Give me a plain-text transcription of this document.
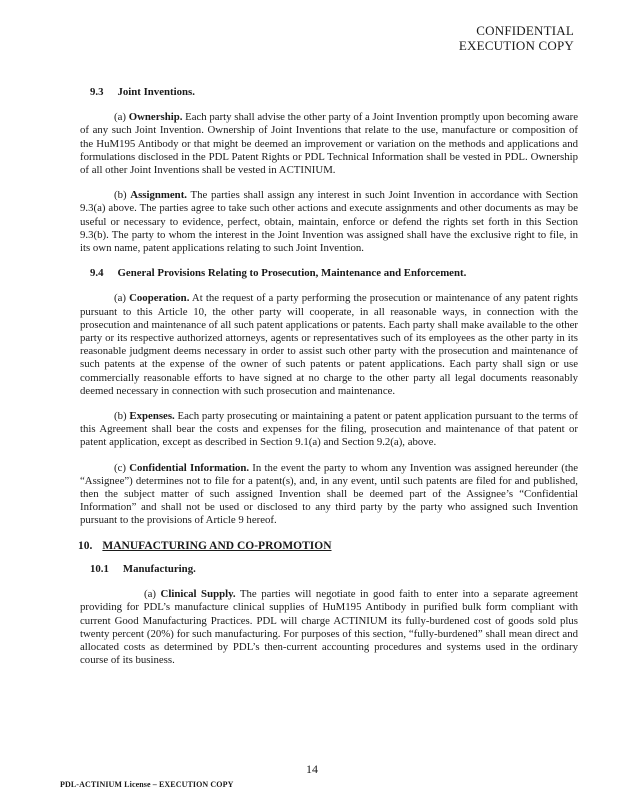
CONFIDENTIAL
EXECUTION COPY
9.3 Joint Inventions.

(a) Ownership. Each party shall advise the other party of a Joint Invention promptly upon becoming aware of any such Joint Invention. Ownership of Joint Inventions that relate to the use, manufacture or composition of the HuM195 Antibody or that might be deemed an improvement or variation on the methods and applications and formulations disclosed in the PDL Patent Rights or PDL Technical Information shall be vested in PDL. Ownership of all other Joint Inventions shall be vested in ACTINIUM.

(b) Assignment. The parties shall assign any interest in such Joint Invention in accordance with Section 9.3(a) above. The parties agree to take such other actions and execute assignments and other documents as may be useful or necessary to evidence, perfect, obtain, maintain, enforce or defend the rights set forth in this Section 9.3(b). The party to whom the interest in the Joint Invention was assigned shall have the exclusive right to file, in its own name, patent applications relating to such Joint Invention.

9.4 General Provisions Relating to Prosecution, Maintenance and Enforcement.

(a) Cooperation. At the request of a party performing the prosecution or maintenance of any patent rights pursuant to this Article 10, the other party will cooperate, in all reasonable ways, in connection with the prosecution and maintenance of all such patent applications or patents. Each party shall make available to the other party or its respective authorized attorneys, agents or representatives such of its employees as the other party in its reasonable judgment deems necessary in order to assist such other party with the prosecution and maintenance of such patents at the expense of the owner of such patents or patent applications. Each party shall sign or use commercially reasonable efforts to have signed at no charge to the other party all legal documents reasonably deemed necessary in connection with such prosecution and maintenance.

(b) Expenses. Each party prosecuting or maintaining a patent or patent application pursuant to the terms of this Agreement shall bear the costs and expenses for the filing, prosecution and maintenance of that patent or patent application, except as described in Section 9.1(a) and Section 9.2(a), above.

(c) Confidential Information. In the event the party to whom any Invention was assigned hereunder (the “Assignee”) determines not to file for a patent(s), and, in any event, until such patents are filed for and published, then the subject matter of such assigned Invention shall be deemed part of the Assignee’s “Confidential Information” and shall not be used or disclosed to any third party by the party who assigned such Invention pursuant to the provisions of Article 9 hereof.

10. MANUFACTURING AND CO-PROMOTION
10.1 Manufacturing.

(a) Clinical Supply. The parties will negotiate in good faith to enter into a separate agreement providing for PDL’s manufacture clinical supplies of HuM195 Antibody in purified bulk form compliant with current Good Manufacturing Practices. PDL will charge ACTINIUM its fully-burdened cost of goods sold plus twenty percent (20%) for such manufacturing. For purposes of this section, “fully-burdened” shall mean direct and allocated costs as determined by PDL’s then-current accounting procedures and systems used in the ordinary course of its business.

14
PDL-ACTINIUM License – EXECUTION COPY
